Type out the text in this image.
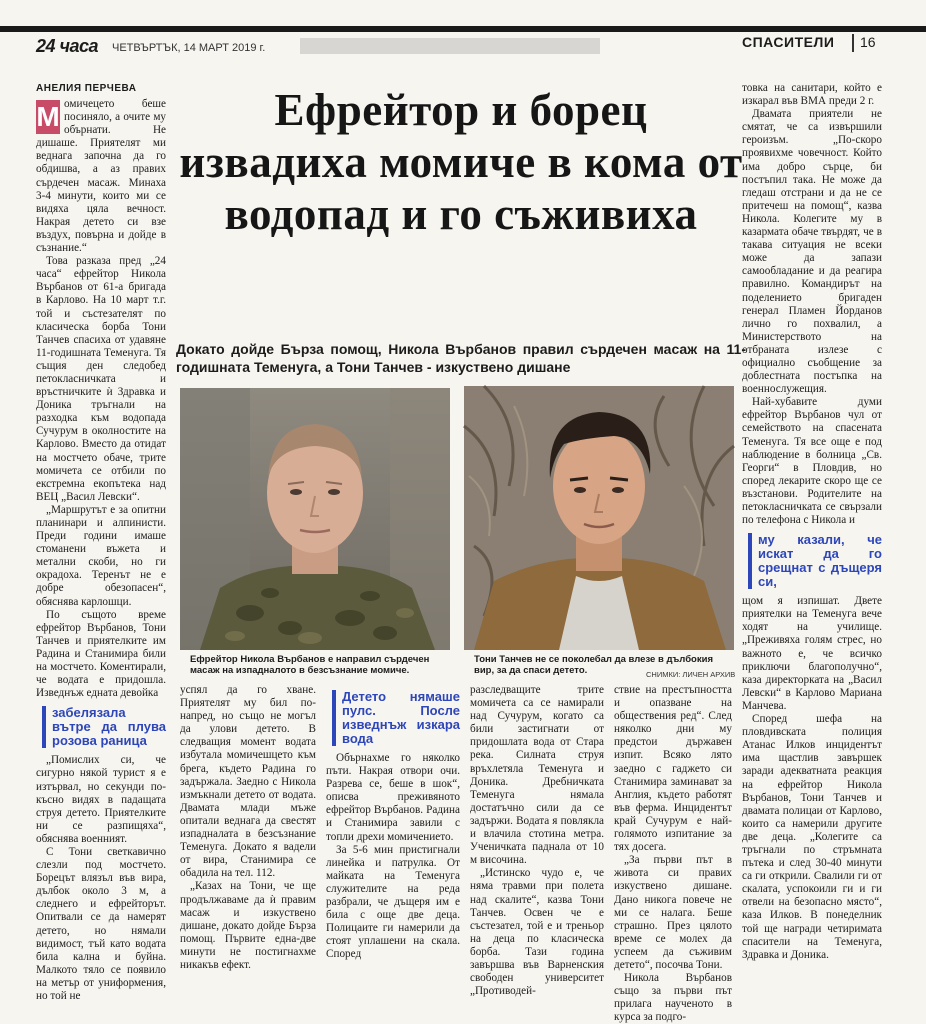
24 часа ЧЕТВЪРТЪК, 14 МАРТ 2019 г.	СПАСИТЕЛИ 16
АНЕЛИЯ ПЕРЧЕВА
М омичецето беше посиняло, а очите му обърнати. Не дишаше. Приятелят ми веднага започна да го обдишва, а аз правих сърдечен масаж. Минаха 3-4 минути, които ми се видяха цяла вечност. Накрая детето си взе въздух, повърна и дойде в съзнание.“

Това разказа пред „24 часа“ ефрейтор Никола Върбанов от 61-а бригада в Карлово. На 10 март т.г. той и състезателят по класическа борба Тони Танчев спасиха от удавяне 11-годишната Теменуга. Тя същия ден следобед петокласничката и връстничките ѝ Здравка и Доника тръгнали на разходка към водопада Сучурум в околностите на Карлово. Вместо да отидат на мостчето обаче, трите момичета се отбили по екстремна екопътека над ВЕЦ „Васил Левски“.

„Маршрутът е за опитни планинари и алпинисти. Преди години имаше стоманени въжета и метални скоби, но ги окрадоха. Теренът не е добре обезопасен“, обяснява карлошци.

По същото време ефрейтор Върбанов, Тони Танчев и приятелките им Радина и Станимира били на мостчето. Коментирали, че водата е придошла. Изведнъж едната девойка

забелязала вътре да плува розова раница

„Помислих си, че сигурно някой турист я е изтървал, но секунди по-късно видях в падащата струя детето. Приятелките ни се разпищяха“, обяснява военният.

С Тони светкавично слезли под мостчето. Борецът влязъл във вира, дълбок около 3 м, а следнего и ефрейторът. Опитвали се да намерят детето, но нямали видимост, тъй като водата била кална и буйна. Малкото тяло се появило на метър от униформения, но той не

Ефрейтор и борец извадиха момиче в кома от водопад и го съживиха
Докато дойде Бърза помощ, Никола Върбанов правил сърдечен масаж на 11-годишната Теменуга, а Тони Танчев - изкуствено дишане
Ефрейтор Никола Върбанов е направил сърдечен масаж на изпадналото в безсъзнание момиче.
Тони Танчев не се поколебал да влезе в дълбокия вир, за да спаси детето.	СНИМКИ: ЛИЧЕН АРХИВ

успял да го хване. Приятелят му бил по-напред, но също не могъл да улови детето. В следващия момент водата избутала момичешцето към брега, където Радина го задържала. Заедно с Никола измъкнали детето от водата. Двамата млади мъже опитали веднага да свестят изпадналата в безсъзнание Теменуга. Докато я вадели от вира, Станимира се обадила на тел. 112.

„Казах на Тони, че ще продължаваме да ѝ правим масаж и изкуствено дишане, докато дойде Бърза помощ. Първите една-две минути не постигнахме никакъв ефект.

Детето нямаше пулс. После изведнъж изкара вода

Обърнахме го няколко пъти. Накрая отвори очи. Разрева се, беше в шок“, описва преживяното ефрейтор Върбанов. Радина и Станимира завили с топли дрехи момичението.

За 5-6 мин пристигнали линейка и патрулка. От майката на Теменуга служителите на реда разбрали, че дъщеря им е била с още две деца. Полицаите ги намерили да стоят уплашени на скала. Според

разследващите трите момичета са се намирали над Сучурум, когато са били застигнати от придошлата вода от Стара река. Силната струя връхлетяла Теменуга и Доника. Дребничката Теменуга нямала достатъчно сили да се задържи. Водата я повлякла и влачила стотина метра. Ученичката паднала от 10 м височина.

„Истинско чудо е, че няма травми при полета над скалите“, казва Тони Танчев. Освен че е състезател, той е и треньор на деца по класическа борба. Тази година завършва във Варненския свободен университет „Противодей-

ствие на престъпността и опазване на обществения ред“. След няколко дни му предстои държавен изпит. Всяко лято заедно с гаджето си Станимира заминават за Англия, където работят във ферма. Инцидентът край Сучурум е най-голямото изпитание за тях досега.

„За първи път в живота си правих изкуствено дишане. Дано никога повече не ми се налага. Беше страшно. През цялото време се молех да успеем да съживим детето“, посочва Тони.

Никола Върбанов също за първи път прилага наученото в курса за подго-

товка на санитари, който е изкарал във ВМА преди 2 г.

Двамата приятели не смятат, че са извършили героизъм. „По-скоро проявихме човечност. Който има добро сърце, би постъпил така. Не може да гледаш отстрани и да не се притечеш на помощ“, казва Никола. Колегите му в казармата обаче твърдят, че в такава ситуация не всеки може да запази самообладание и да реагира правилно. Командирът на поделението бригаден генерал Пламен Йорданов лично го похвалил, а Министерството на отбраната излезе с официално съобщение за доблестната постъпка на военнослужещия.

Най-хубавите думи ефрейтор Върбанов чул от семейството на спасената Теменуга. Тя все още е под наблюдение в болница „Св. Георги“ в Пловдив, но според лекарите скоро ще се възстанови. Родителите на петокласничката се свързали по телефона с Никола и

му казали, че искат да го срещнат с дъщеря си,

щом я изпишат. Двете приятелки на Теменуга вече ходят на училище. „Преживяха голям стрес, но важното е, че всичко приключи благополучно“, каза директорката на „Васил Левски“ в Карлово Мариана Манчева.

Според шефа на пловдивската полиция Атанас Илков инцидентът има щастлив завършек заради адекватната реакция на ефрейтор Никола Върбанов, Тони Танчев и двамата полицаи от Карлово, които са намерили другите две деца. „Колегите са тръгнали по стръмната пътека и след 30-40 минути са ги открили. Свалили ги от скалата, успокоили ги и ги отвели на безопасно място“, каза Илков. В понеделник той ще награди четиримата спасители на Теменуга, Здравка и Доника.
